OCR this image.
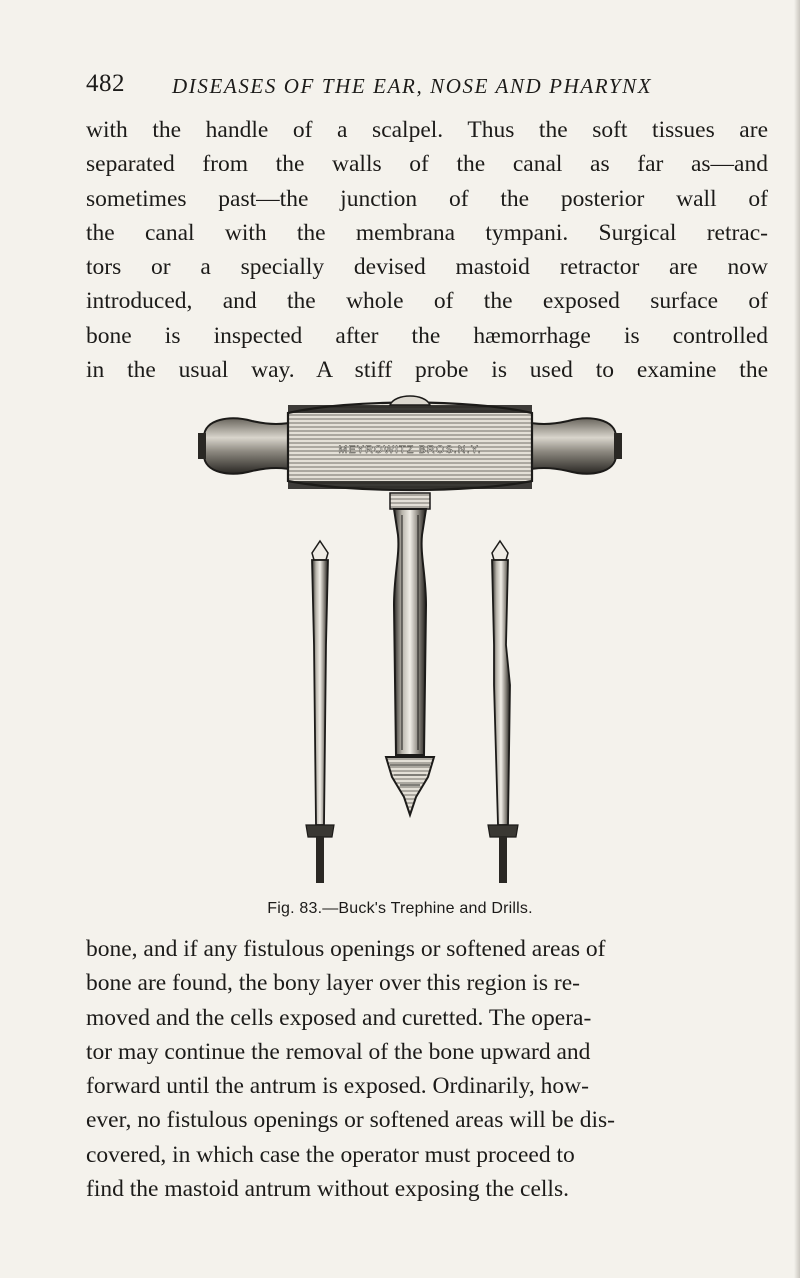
482 DISEASES OF THE EAR, NOSE AND PHARYNX
with the handle of a scalpel. Thus the soft tissues are
separated from the walls of the canal as far as—and
sometimes past—the junction of the posterior wall of
the canal with the membrana tympani. Surgical retrac-
tors or a specially devised mastoid retractor are now
introduced, and the whole of the exposed surface of
bone is inspected after the hæmorrhage is controlled
in the usual way. A stiff probe is used to examine the
MEYROWITZ BROS.N.Y.
Fig. 83.—Buck's Trephine and Drills.
bone, and if any fistulous openings or softened areas of
bone are found, the bony layer over this region is re-
moved and the cells exposed and curetted. The opera-
tor may continue the removal of the bone upward and
forward until the antrum is exposed. Ordinarily, how-
ever, no fistulous openings or softened areas will be dis-
covered, in which case the operator must proceed to
find the mastoid antrum without exposing the cells.
